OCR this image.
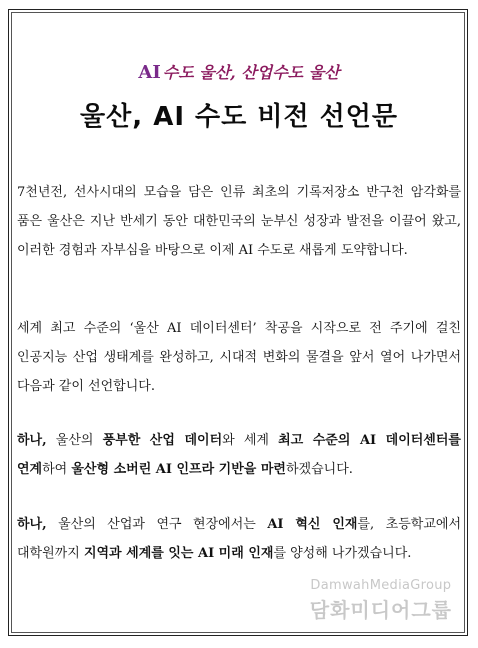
AI 수도 울산, 산업수도 울산
울산, AI 수도 비전 선언문

7천년전, 선사시대의 모습을 담은 인류 최초의 기록저장소 반구천 암각화를 품은 울산은 지난 반세기 동안 대한민국의 눈부신 성장과 발전을 이끌어 왔고, 이러한 경험과 자부심을 바탕으로 이제 AI 수도로 새롭게 도약합니다.

세계 최고 수준의 ‘울산 AI 데이터센터’ 착공을 시작으로 전 주기에 걸친 인공지능 산업 생태계를 완성하고, 시대적 변화의 물결을 앞서 열어 나가면서 다음과 같이 선언합니다.

하나, 울산의 풍부한 산업 데이터와 세계 최고 수준의 AI 데이터센터를 연계하여 울산형 소버린 AI 인프라 기반을 마련하겠습니다.

하나, 울산의 산업과 연구 현장에서는 AI 혁신 인재를, 초등학교에서 대학원까지 지역과 세계를 잇는 AI 미래 인재를 양성해 나가겠습니다.

DamwahMediaGroup
담화미디어그룹
